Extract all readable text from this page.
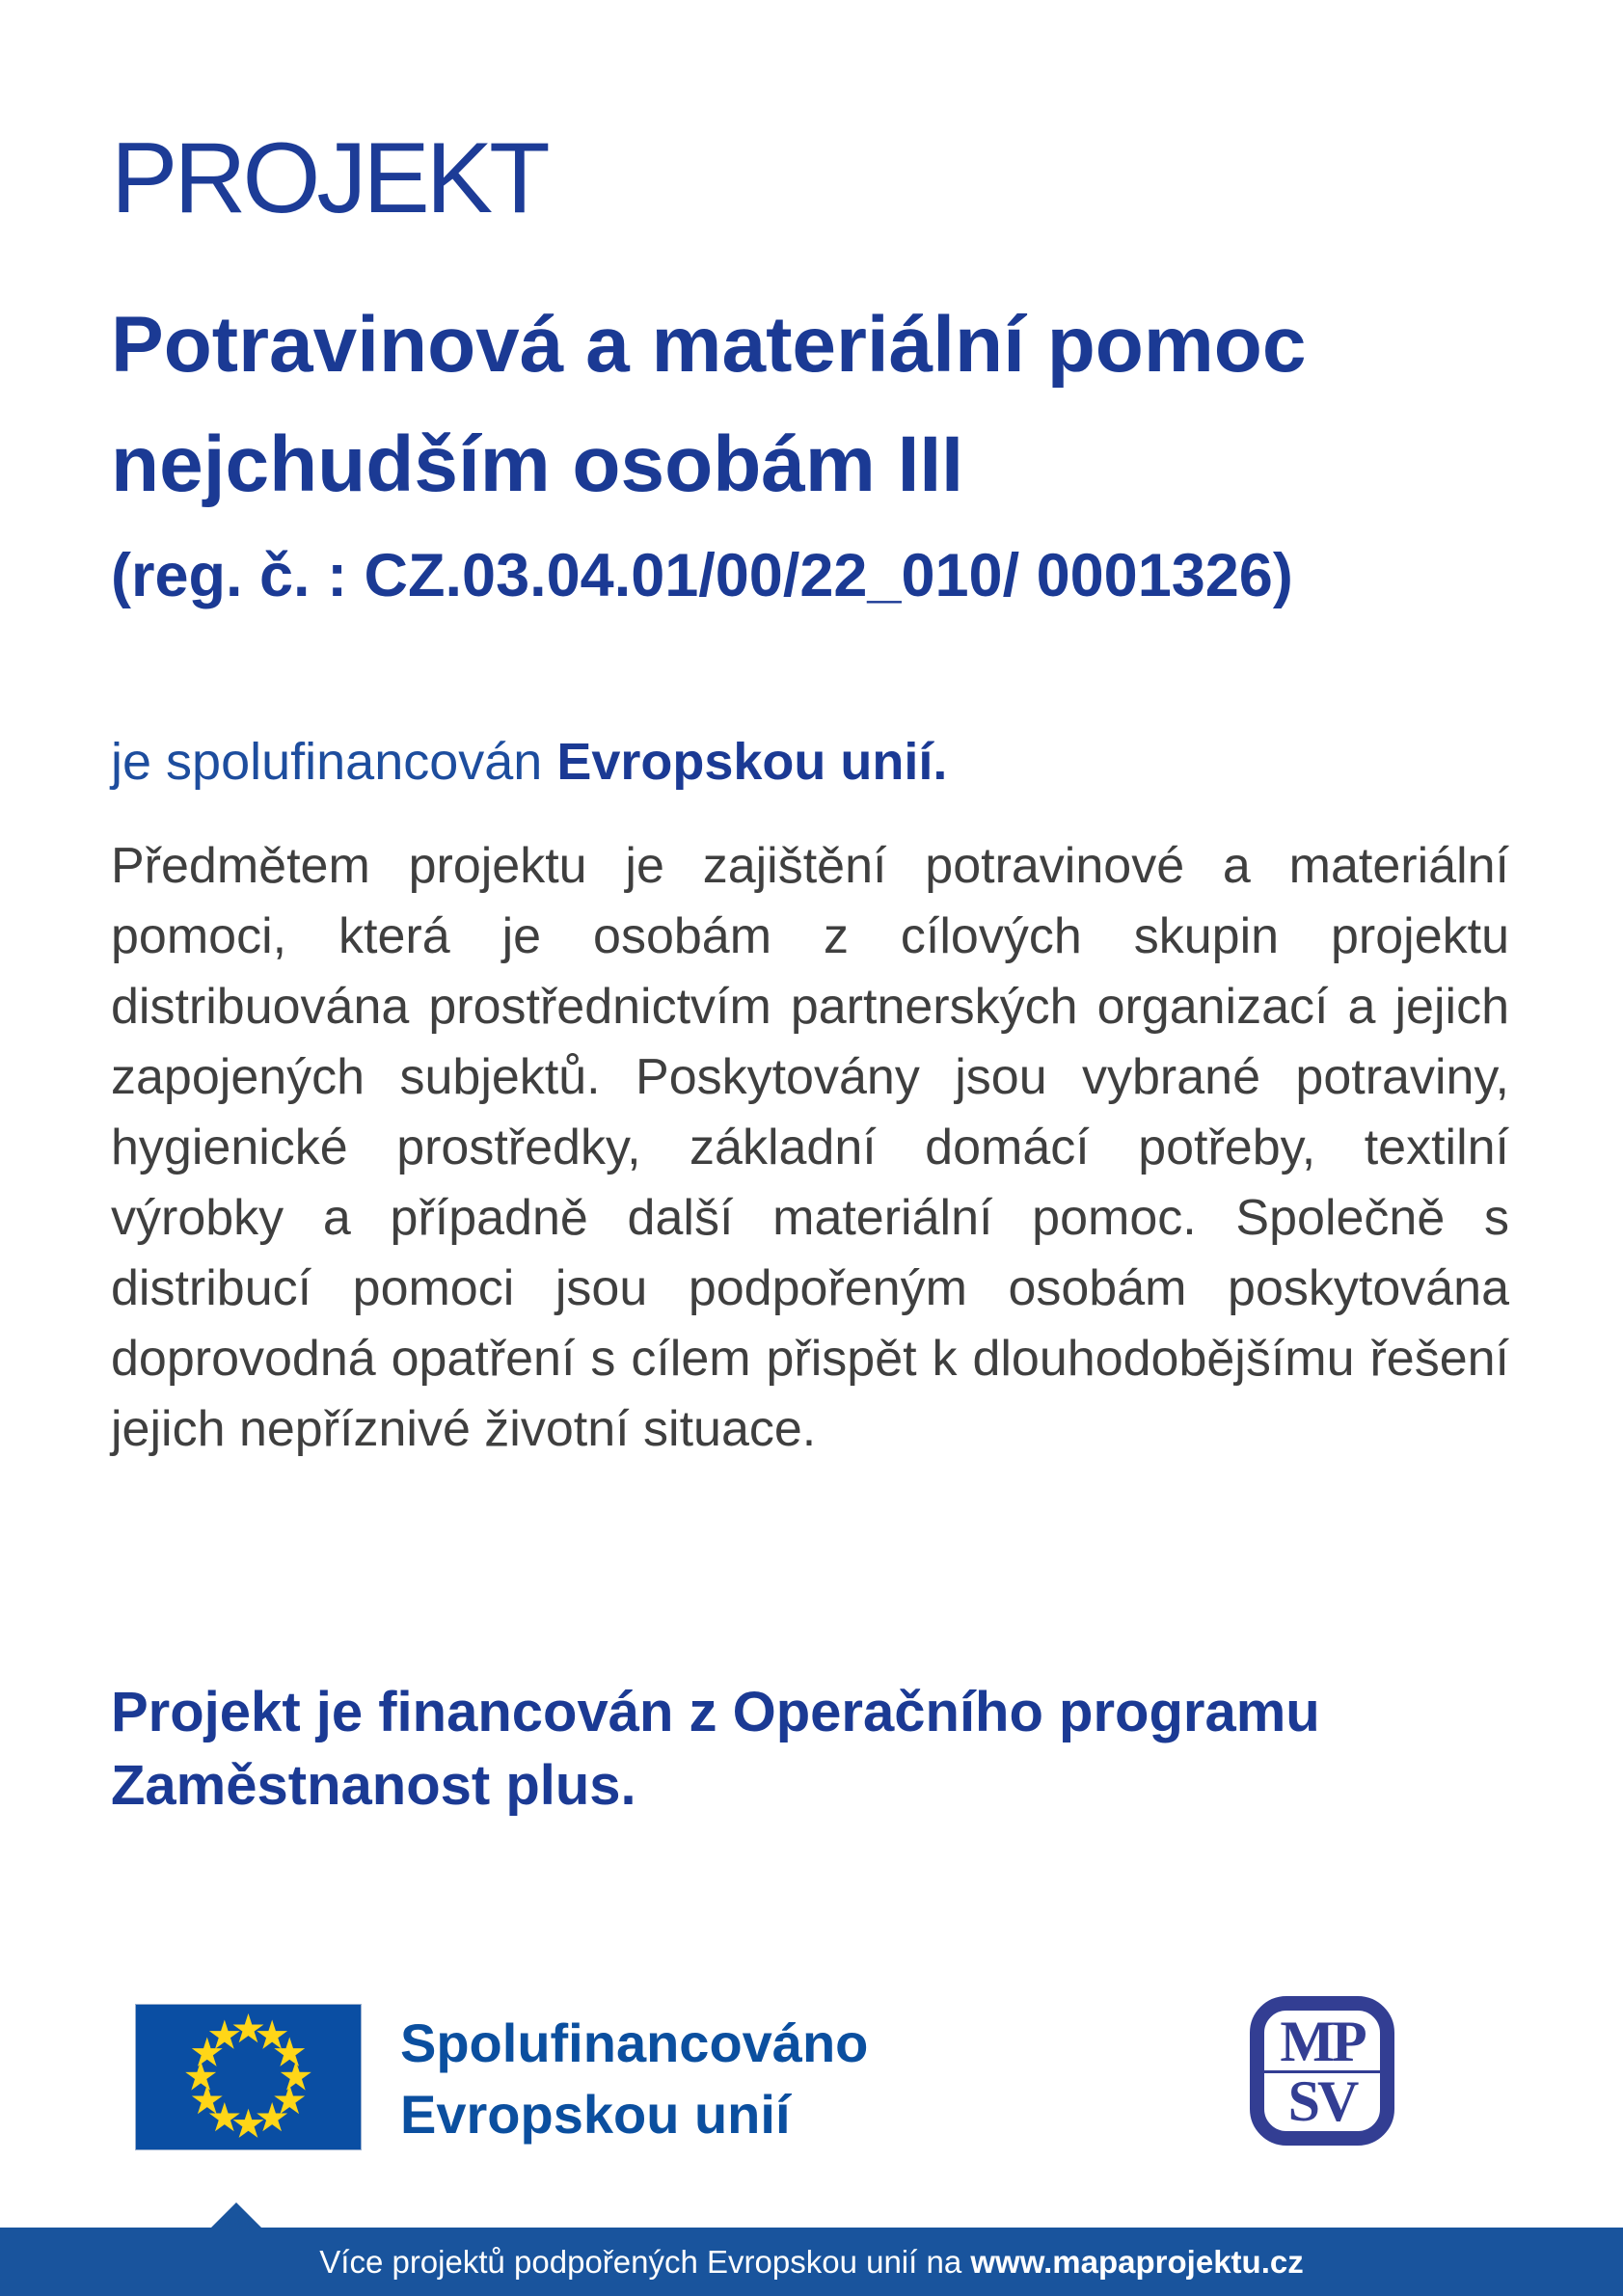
PROJEKT
Potravinová a materiální pomoc
nejchudším osobám III
(reg. č. : CZ.03.04.01/00/22_010/ 0001326)
je spolufinancován Evropskou unií.
Předmětem projektu je zajištění potravinové a materiální pomoci, která je osobám z cílových skupin projektu distribuována prostřednictvím partnerských organizací a jejich zapojených subjektů. Poskytovány jsou vybrané potraviny, hygienické prostředky, základní domácí potřeby, textilní výrobky a případně další materiální pomoc. Společně s distribucí pomoci jsou podpořeným osobám poskytována doprovodná opatření s cílem přispět k dlouhodobějšímu řešení jejich nepříznivé životní situace.
Projekt je financován z Operačního programu
Zaměstnanost plus.
Spolufinancováno
Evropskou unií
MP
SV
Více projektů podpořených Evropskou unií na www.mapaprojektu.cz
